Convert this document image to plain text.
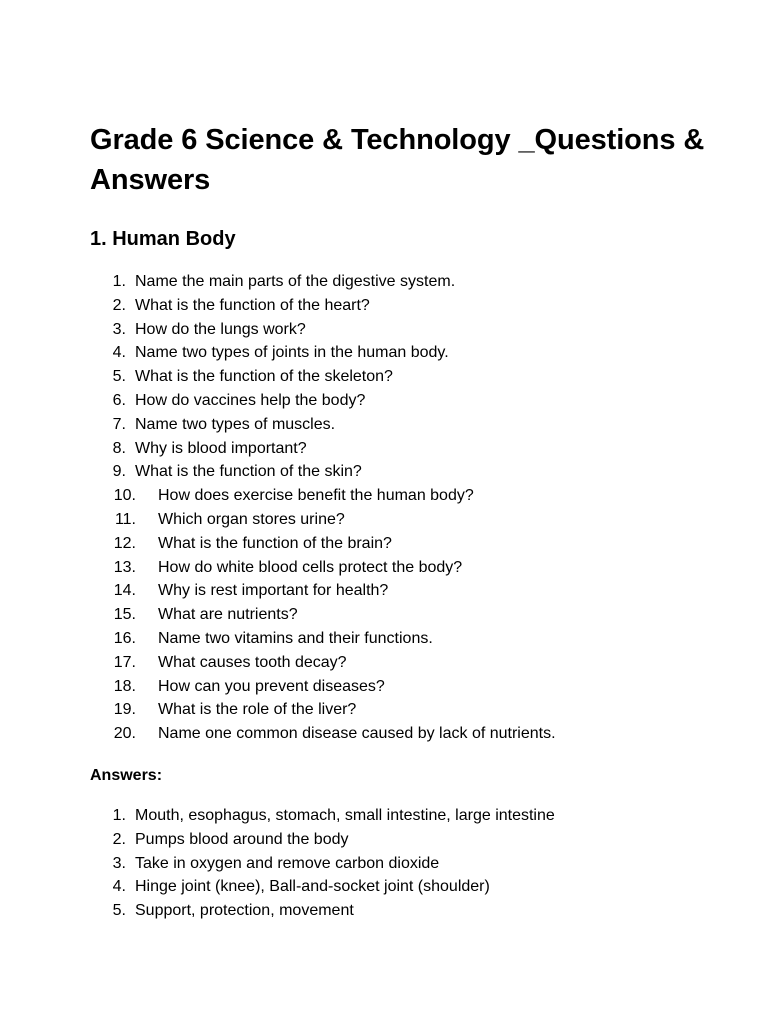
Grade 6 Science & Technology _Questions & Answers
1. Human Body
1. Name the main parts of the digestive system.
2. What is the function of the heart?
3. How do the lungs work?
4. Name two types of joints in the human body.
5. What is the function of the skeleton?
6. How do vaccines help the body?
7. Name two types of muscles.
8. Why is blood important?
9. What is the function of the skin?
10. How does exercise benefit the human body?
11. Which organ stores urine?
12. What is the function of the brain?
13. How do white blood cells protect the body?
14. Why is rest important for health?
15. What are nutrients?
16. Name two vitamins and their functions.
17. What causes tooth decay?
18. How can you prevent diseases?
19. What is the role of the liver?
20. Name one common disease caused by lack of nutrients.

Answers:

1. Mouth, esophagus, stomach, small intestine, large intestine
2. Pumps blood around the body
3. Take in oxygen and remove carbon dioxide
4. Hinge joint (knee), Ball-and-socket joint (shoulder)
5. Support, protection, movement
